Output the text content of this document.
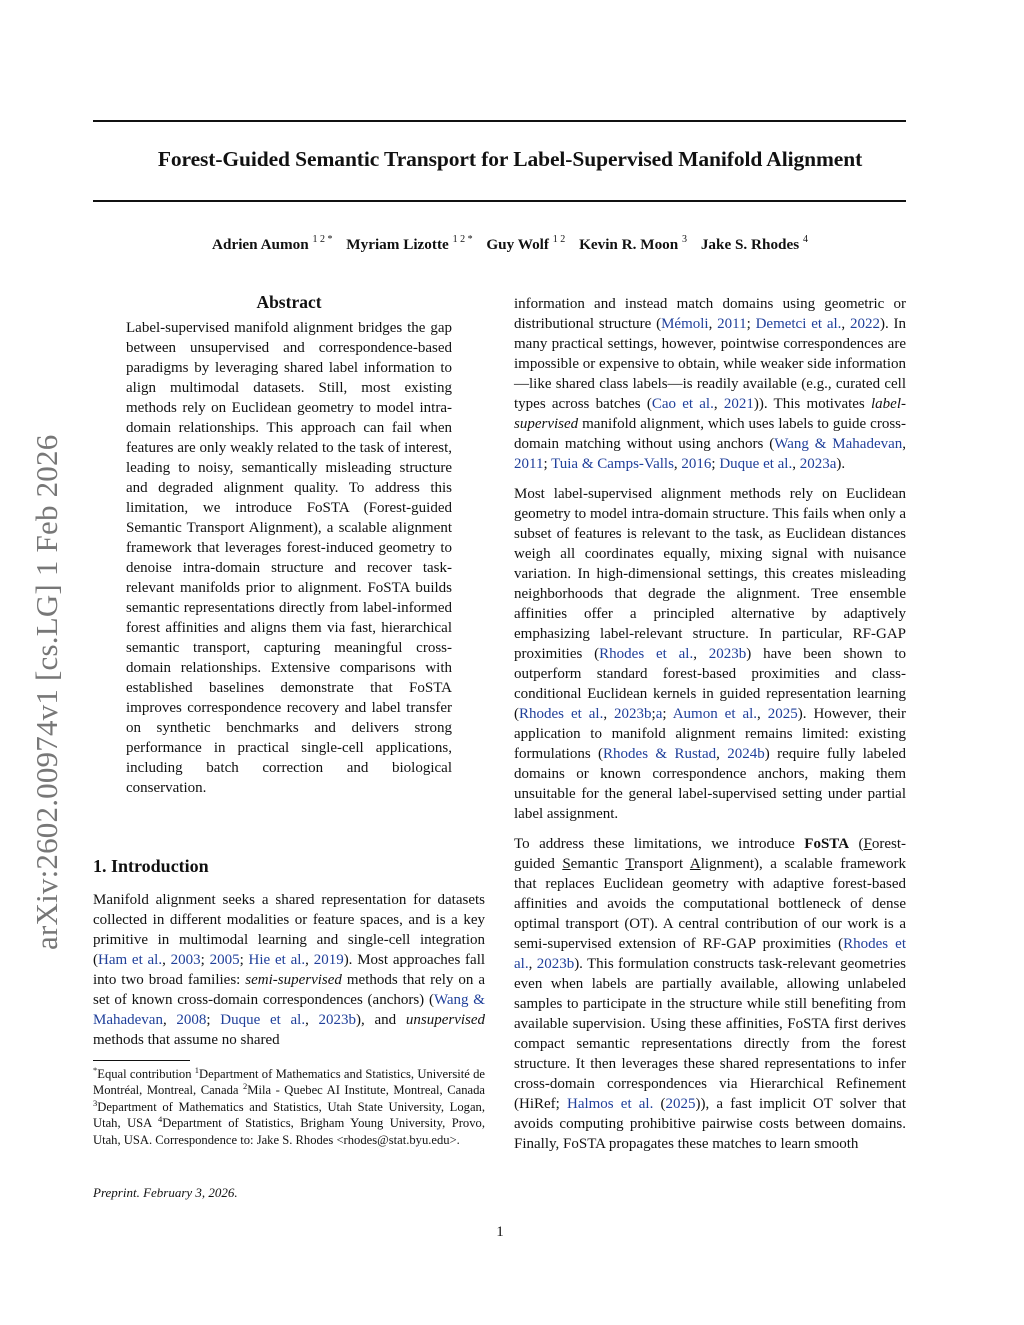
arXiv:2602.00974v1 [cs.LG] 1 Feb 2026
Forest-Guided Semantic Transport for Label-Supervised Manifold Alignment
Adrien Aumon $^{1 2 *}$ Myriam Lizotte $^{1 2 *}$ Guy Wolf $^{1 2}$ Kevin R. Moon $^3$ Jake S. Rhodes $^4$

Abstract

Label-supervised manifold alignment bridges the gap between unsupervised and correspondence-based paradigms by leveraging shared label information to align multimodal datasets. Still, most existing methods rely on Euclidean geometry to model intra-domain relationships. This approach can fail when features are only weakly related to the task of interest, leading to noisy, semantically misleading structure and degraded alignment quality. To address this limitation, we introduce FoSTA (Forest-guided Semantic Transport Alignment), a scalable alignment framework that leverages forest-induced geometry to denoise intra-domain structure and recover task-relevant manifolds prior to alignment. FoSTA builds semantic representations directly from label-informed forest affinities and aligns them via fast, hierarchical semantic transport, capturing meaningful cross-domain relationships. Extensive comparisons with established baselines demonstrate that FoSTA improves correspondence recovery and label transfer on synthetic benchmarks and delivers strong performance in practical single-cell applications, including batch correction and biological conservation.

1. Introduction

Manifold alignment seeks a shared representation for datasets collected in different modalities or feature spaces, and is a key primitive in multimodal learning and single-cell integration (Ham et al., 2003; 2005; Hie et al., 2019). Most approaches fall into two broad families: semi-supervised methods that rely on a set of known cross-domain correspondences (anchors) (Wang & Mahadevan, 2008; Duque et al., 2023b), and unsupervised methods that assume no shared

*Equal contribution $^1$Department of Mathematics and Statistics, Université de Montréal, Montreal, Canada $^2$Mila - Quebec AI Institute, Montreal, Canada $^3$Department of Mathematics and Statistics, Utah State University, Logan, Utah, USA $^4$Department of Statistics, Brigham Young University, Provo, Utah, USA. Correspondence to: Jake S. Rhodes <rhodes@stat.byu.edu>.
Preprint. February 3, 2026.

information and instead match domains using geometric or distributional structure (Mémoli, 2011; Demetci et al., 2022). In many practical settings, however, pointwise correspondences are impossible or expensive to obtain, while weaker side information—like shared class labels—is readily available (e.g., curated cell types across batches (Cao et al., 2021)). This motivates label-supervised manifold alignment, which uses labels to guide cross-domain matching without using anchors (Wang & Mahadevan, 2011; Tuia & Camps-Valls, 2016; Duque et al., 2023a).

Most label-supervised alignment methods rely on Euclidean geometry to model intra-domain structure. This fails when only a subset of features is relevant to the task, as Euclidean distances weigh all coordinates equally, mixing signal with nuisance variation. In high-dimensional settings, this creates misleading neighborhoods that degrade the alignment. Tree ensemble affinities offer a principled alternative by adaptively emphasizing label-relevant structure. In particular, RF-GAP proximities (Rhodes et al., 2023b) have been shown to outperform standard forest-based proximities and class-conditional Euclidean kernels in guided representation learning (Rhodes et al., 2023b;a; Aumon et al., 2025). However, their application to manifold alignment remains limited: existing formulations (Rhodes & Rustad, 2024b) require fully labeled domains or known correspondence anchors, making them unsuitable for the general label-supervised setting under partial label assignment.

To address these limitations, we introduce FoSTA (Forest-guided Semantic Transport Alignment), a scalable framework that replaces Euclidean geometry with adaptive forest-based affinities and avoids the computational bottleneck of dense optimal transport (OT). A central contribution of our work is a semi-supervised extension of RF-GAP proximities (Rhodes et al., 2023b). This formulation constructs task-relevant geometries even when labels are partially available, allowing unlabeled samples to participate in the structure while still benefiting from available supervision. Using these affinities, FoSTA first derives compact semantic representations directly from the forest structure. It then leverages these shared representations to infer cross-domain correspondences via Hierarchical Refinement (HiRef; Halmos et al. (2025)), a fast implicit OT solver that avoids computing prohibitive pairwise costs between domains. Finally, FoSTA propagates these matches to learn smooth

1
